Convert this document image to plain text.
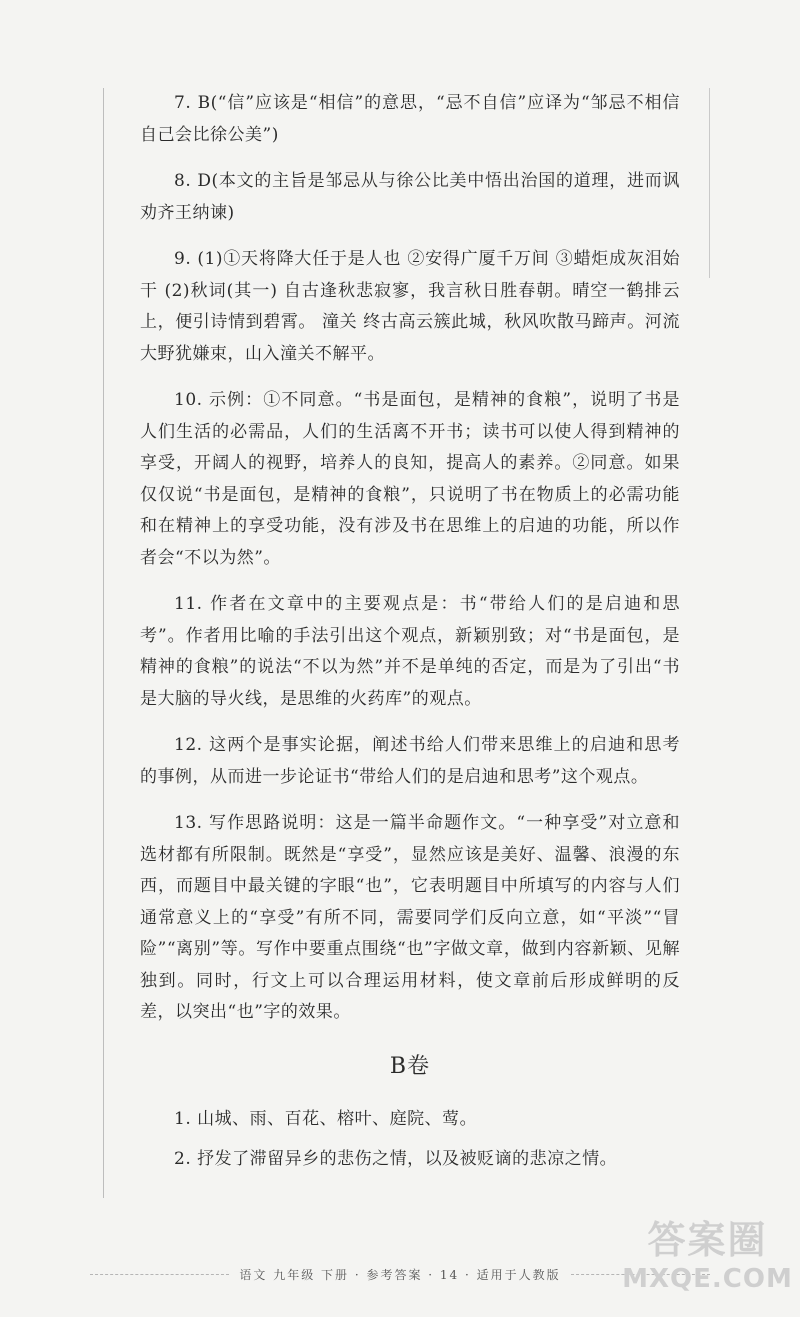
7. B(“信”应该是“相信”的意思，“忌不自信”应译为“邹忌不相信自己会比徐公美”)

8. D(本文的主旨是邹忌从与徐公比美中悟出治国的道理，进而讽劝齐王纳谏)

9. (1)①天将降大任于是人也 ②安得广厦千万间 ③蜡炬成灰泪始干 (2)秋词(其一) 自古逢秋悲寂寥，我言秋日胜春朝。晴空一鹤排云上，便引诗情到碧霄。 潼关 终古高云簇此城，秋风吹散马蹄声。河流大野犹嫌束，山入潼关不解平。

10. 示例：①不同意。“书是面包，是精神的食粮”，说明了书是人们生活的必需品，人们的生活离不开书；读书可以使人得到精神的享受，开阔人的视野，培养人的良知，提高人的素养。②同意。如果仅仅说“书是面包，是精神的食粮”，只说明了书在物质上的必需功能和在精神上的享受功能，没有涉及书在思维上的启迪的功能，所以作者会“不以为然”。

11. 作者在文章中的主要观点是：书“带给人们的是启迪和思考”。作者用比喻的手法引出这个观点，新颖别致；对“书是面包，是精神的食粮”的说法“不以为然”并不是单纯的否定，而是为了引出“书是大脑的导火线，是思维的火药库”的观点。

12. 这两个是事实论据，阐述书给人们带来思维上的启迪和思考的事例，从而进一步论证书“带给人们的是启迪和思考”这个观点。

13. 写作思路说明：这是一篇半命题作文。“一种享受”对立意和选材都有所限制。既然是“享受”，显然应该是美好、温馨、浪漫的东西，而题目中最关键的字眼“也”，它表明题目中所填写的内容与人们通常意义上的“享受”有所不同，需要同学们反向立意，如“平淡”“冒险”“离别”等。写作中要重点围绕“也”字做文章，做到内容新颖、见解独到。同时，行文上可以合理运用材料，使文章前后形成鲜明的反差，以突出“也”字的效果。

B卷

1. 山城、雨、百花、榕叶、庭院、莺。

2. 抒发了滞留异乡的悲伤之情，以及被贬谪的悲凉之情。

语文 九年级 下册 · 参考答案 · 14 · 适用于人教版
答案圈
MXQE.COM
